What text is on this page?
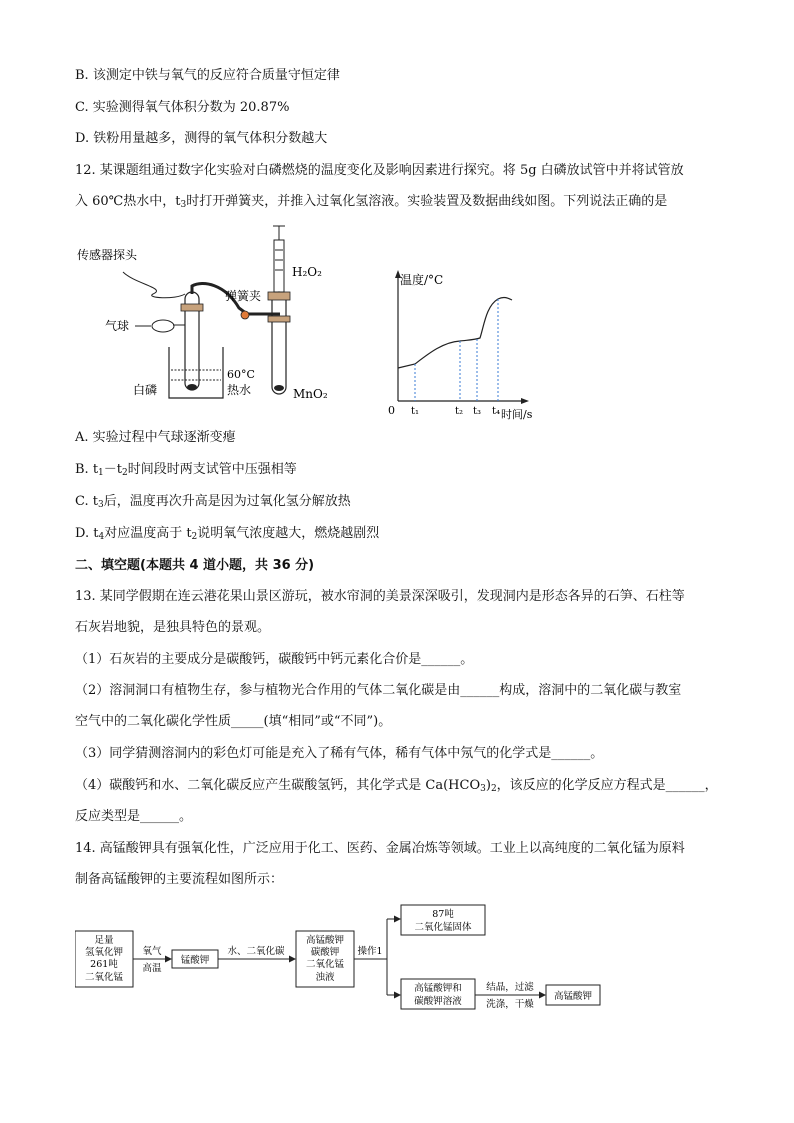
B. 该测定中铁与氧气的反应符合质量守恒定律
C. 实验测得氧气体积分数为 20.87%
D. 铁粉用量越多，测得的氧气体积分数越大
12. 某课题组通过数字化实验对白磷燃烧的温度变化及影响因素进行探究。将 5g 白磷放试管中并将试管放
入 60℃热水中，$t_3$时打开弹簧夹，并推入过氧化氢溶液。实验装置及数据曲线如图。下列说法正确的是
传感器探头
气球
60°C
热水
白磷
弹簧夹
H₂O₂
MnO₂
温度/°C
0	时间/s
t₁	t₂ t₃ t₄
A. 实验过程中气球逐渐变瘪
B. $t_1-t_2$时间段时两支试管中压强相等
C. $t_3$后，温度再次升高是因为过氧化氢分解放热
D. $t_4$对应温度高于 $t_2$说明氧气浓度越大，燃烧越剧烈
二、填空题(本题共 4 道小题，共 36 分)
13. 某同学假期在连云港花果山景区游玩，被水帘洞的美景深深吸引，发现洞内是形态各异的石笋、石柱等
石灰岩地貌，是独具特色的景观。
（1）石灰岩的主要成分是碳酸钙，碳酸钙中钙元素化合价是______。
（2）溶洞洞口有植物生存，参与植物光合作用的气体二氧化碳是由______构成，溶洞中的二氧化碳与教室
空气中的二氧化碳化学性质_____(填“相同”或“不同”)。
（3）同学猜测溶洞内的彩色灯可能是充入了稀有气体，稀有气体中氖气的化学式是______。
（4）碳酸钙和水、二氧化碳反应产生碳酸氢钙，其化学式是 $Ca(HCO_3)_2$，该反应的化学反应方程式是______，
反应类型是______。
14. 高锰酸钾具有强氧化性，广泛应用于化工、医药、金属冶炼等领域。工业上以高纯度的二氧化锰为原料
制备高锰酸钾的主要流程如图所示：
足量
氢氧化钾
261吨
二氧化锰
氧气
高温
锰酸钾
水、二氧化碳
高锰酸钾
碳酸钾
二氧化锰
浊液
操作1
87吨
二氧化锰固体
高锰酸钾和
碳酸钾溶液
结晶，过滤
洗涤，干燥
高锰酸钾
